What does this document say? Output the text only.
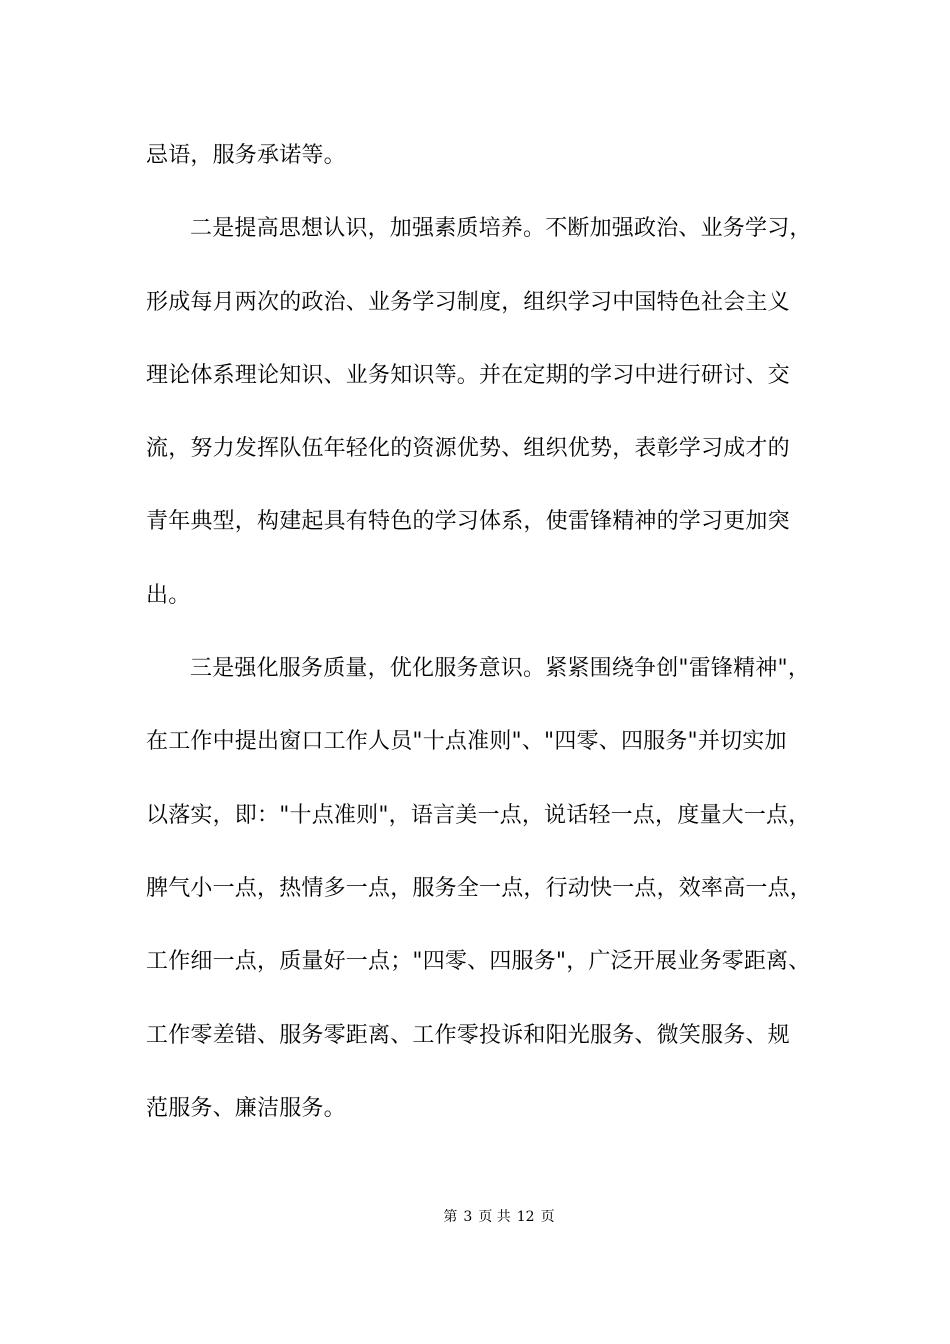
忌语，服务承诺等。
二是提高思想认识，加强素质培养。不断加强政治、业务学习，
形成每月两次的政治、业务学习制度，组织学习中国特色社会主义
理论体系理论知识、业务知识等。并在定期的学习中进行研讨、交
流，努力发挥队伍年轻化的资源优势、组织优势，表彰学习成才的
青年典型，构建起具有特色的学习体系，使雷锋精神的学习更加突
出。
三是强化服务质量，优化服务意识。紧紧围绕争创"雷锋精神"，
在工作中提出窗口工作人员"十点准则"、"四零、四服务"并切实加
以落实，即："十点准则"，语言美一点，说话轻一点，度量大一点，
脾气小一点，热情多一点，服务全一点，行动快一点，效率高一点，
工作细一点，质量好一点；"四零、四服务"，广泛开展业务零距离、
工作零差错、服务零距离、工作零投诉和阳光服务、微笑服务、规
范服务、廉洁服务。
第 3 页 共 12 页
